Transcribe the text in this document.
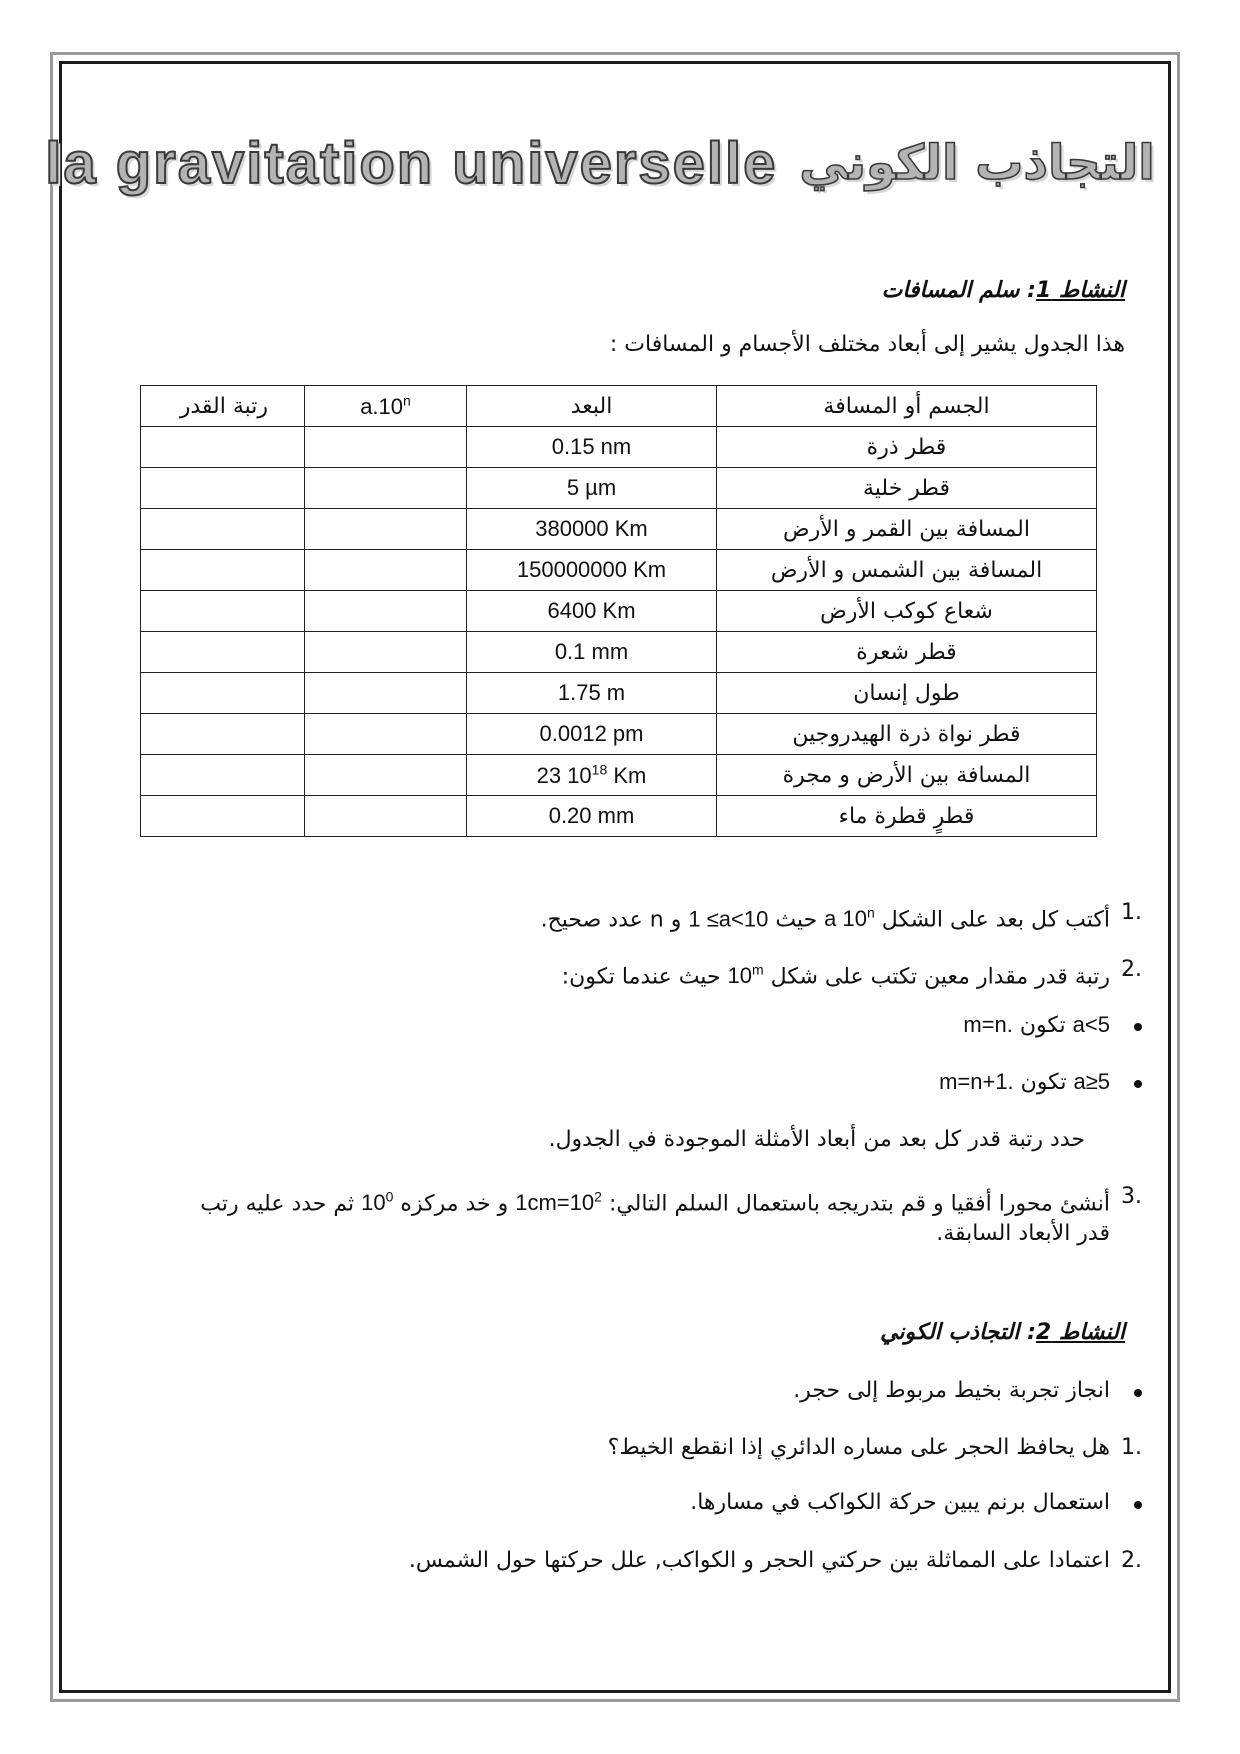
la gravitation universelle التجاذب الكوني
النشاط 1: سلم المسافات
هذا الجدول يشير إلى أبعاد مختلف الأجسام و المسافات :
الجسم أو المسافة	البعد	a.10$^n$	رتبة القدر
قطر ذرة	0.15 nm		
قطر خلية	5 µm		
المسافة بين القمر و الأرض	380000 Km		
المسافة بين الشمس و الأرض	150000000 Km		
شعاع كوكب الأرض	6400 Km		
قطر شعرة	0.1 mm		
طول إنسان	1.75 m		
قطر نواة ذرة الهيدروجين	0.0012 pm		
المسافة بين الأرض و مجرة	23 $10^{18}$ Km		
قطرٍ قطرة ماء	0.20 mm		
1.
أكتب كل بعد على الشكل a 10$^n$ حيث 1 ≤a<10 و n عدد صحيح.
2.
رتبة قدر مقدار معين تكتب على شكل 10$^m$ حيث عندما تكون:
a<5 تكون m=n.
a≥5 تكون m=n+1.
حدد رتبة قدر كل بعد من أبعاد الأمثلة الموجودة في الجدول.
3.
أنشئ محورا أفقيا و قم بتدريجه باستعمال السلم التالي: $1cm=10^2$ و خد مركزه $10^0$ ثم حدد عليه رتب
قدر الأبعاد السابقة.
النشاط 2: التجاذب الكوني
انجاز تجربة بخيط مربوط إلى حجر.
1.
هل يحافظ الحجر على مساره الدائري إذا انقطع الخيط؟
استعمال برنم يبين حركة الكواكب في مسارها.
2.
اعتمادا على المماثلة بين حركتي الحجر و الكواكب, علل حركتها حول الشمس.
